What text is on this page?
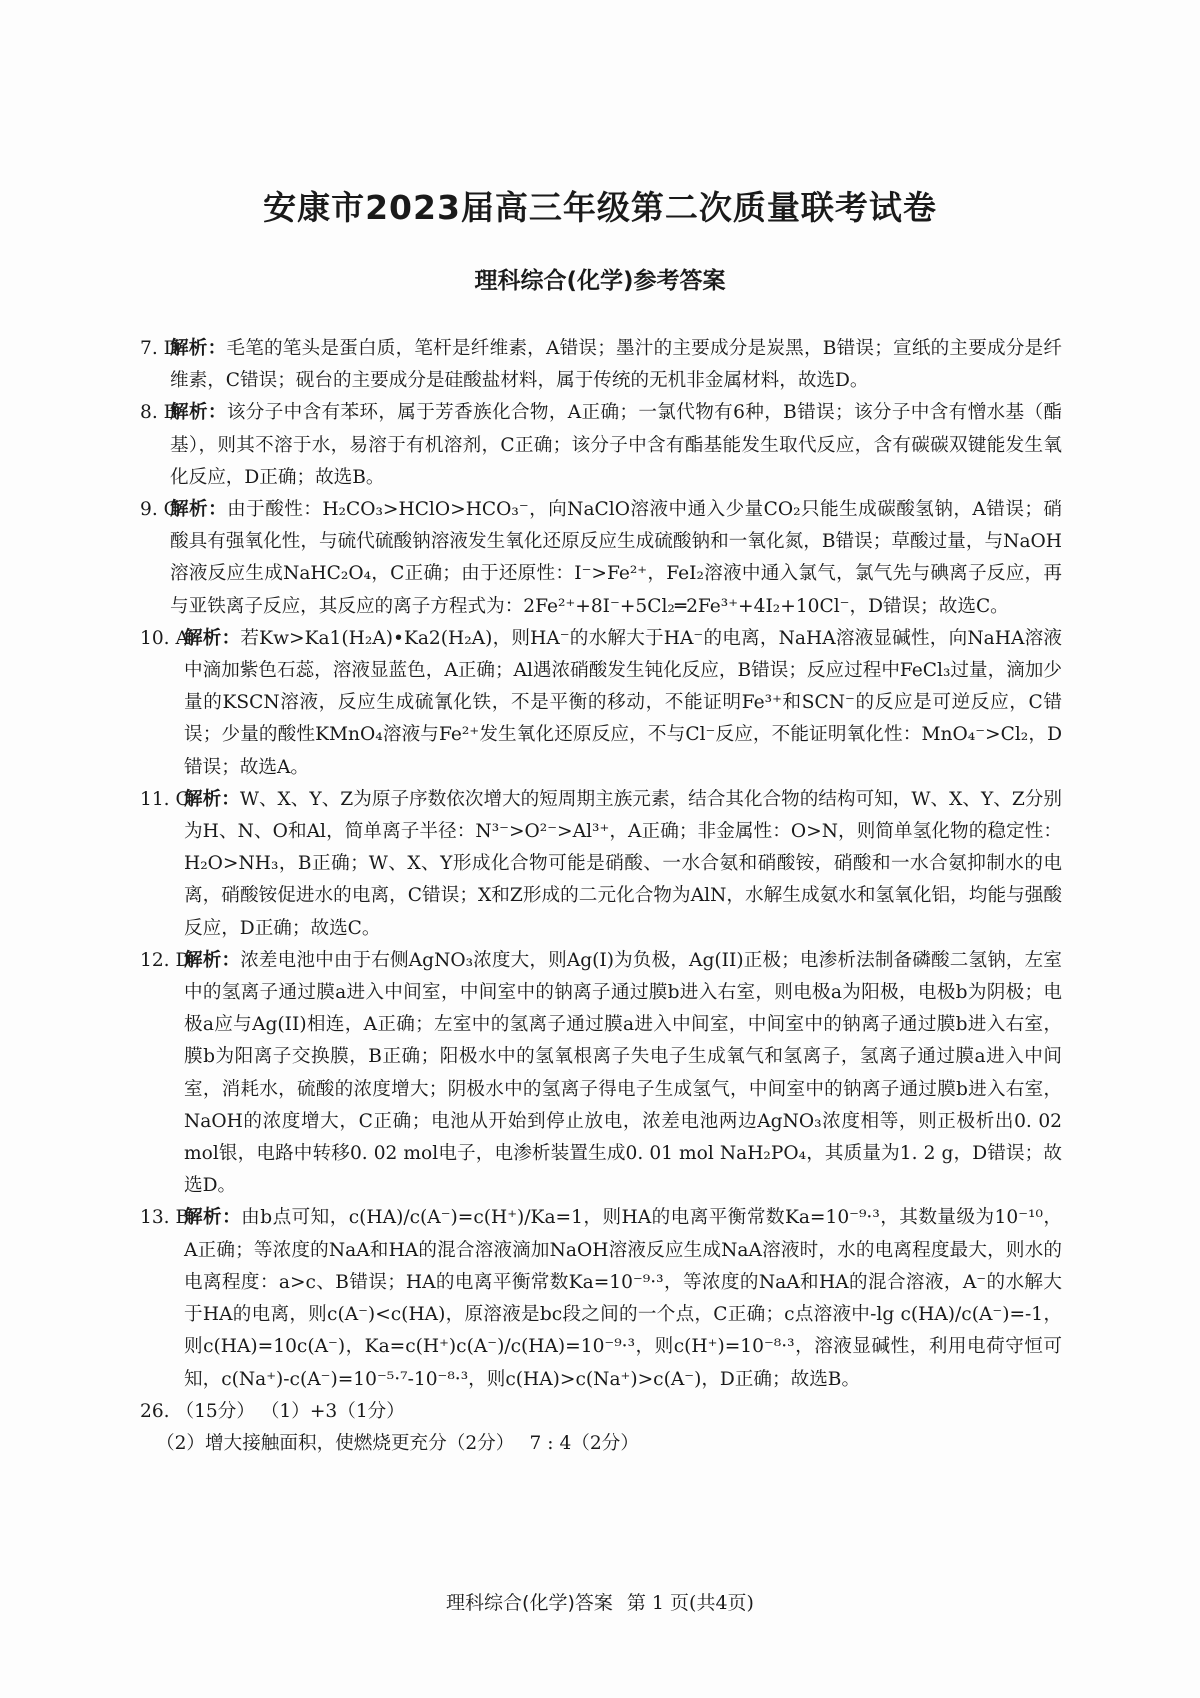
安康市2023届高三年级第二次质量联考试卷
理科综合(化学)参考答案
7. D
解析：毛笔的笔头是蛋白质，笔杆是纤维素，A错误；墨汁的主要成分是炭黑，B错误；宣纸的主要成分是纤维素，C错误；砚台的主要成分是硅酸盐材料，属于传统的无机非金属材料，故选D。
8. B
解析：该分子中含有苯环，属于芳香族化合物，A正确；一氯代物有6种，B错误；该分子中含有憎水基（酯基），则其不溶于水，易溶于有机溶剂，C正确；该分子中含有酯基能发生取代反应，含有碳碳双键能发生氧化反应，D正确；故选B。
9. C
解析：由于酸性：H₂CO₃>HClO>HCO₃⁻，向NaClO溶液中通入少量CO₂只能生成碳酸氢钠，A错误；硝酸具有强氧化性，与硫代硫酸钠溶液发生氧化还原反应生成硫酸钠和一氧化氮，B错误；草酸过量，与NaOH溶液反应生成NaHC₂O₄，C正确；由于还原性：I⁻>Fe²⁺，FeI₂溶液中通入氯气，氯气先与碘离子反应，再与亚铁离子反应，其反应的离子方程式为：2Fe²⁺+8I⁻+5Cl₂═2Fe³⁺+4I₂+10Cl⁻，D错误；故选C。
10. A
解析：若Kw>Ka1(H₂A)•Ka2(H₂A)，则HA⁻的水解大于HA⁻的电离，NaHA溶液显碱性，向NaHA溶液中滴加紫色石蕊，溶液显蓝色，A正确；Al遇浓硝酸发生钝化反应，B错误；反应过程中FeCl₃过量，滴加少量的KSCN溶液，反应生成硫氰化铁，不是平衡的移动，不能证明Fe³⁺和SCN⁻的反应是可逆反应，C错误；少量的酸性KMnO₄溶液与Fe²⁺发生氧化还原反应，不与Cl⁻反应，不能证明氧化性：MnO₄⁻>Cl₂，D错误；故选A。
11. C
解析：W、X、Y、Z为原子序数依次增大的短周期主族元素，结合其化合物的结构可知，W、X、Y、Z分别为H、N、O和Al，简单离子半径：N³⁻>O²⁻>Al³⁺，A正确；非金属性：O>N，则简单氢化物的稳定性：H₂O>NH₃，B正确；W、X、Y形成化合物可能是硝酸、一水合氨和硝酸铵，硝酸和一水合氨抑制水的电离，硝酸铵促进水的电离，C错误；X和Z形成的二元化合物为AlN，水解生成氨水和氢氧化铝，均能与强酸反应，D正确；故选C。
12. D
解析：浓差电池中由于右侧AgNO₃浓度大，则Ag(I)为负极，Ag(II)正极；电渗析法制备磷酸二氢钠，左室中的氢离子通过膜a进入中间室，中间室中的钠离子通过膜b进入右室，则电极a为阳极，电极b为阴极；电极a应与Ag(II)相连，A正确；左室中的氢离子通过膜a进入中间室，中间室中的钠离子通过膜b进入右室，膜b为阳离子交换膜，B正确；阳极水中的氢氧根离子失电子生成氧气和氢离子，氢离子通过膜a进入中间室，消耗水，硫酸的浓度增大；阴极水中的氢离子得电子生成氢气，中间室中的钠离子通过膜b进入右室，NaOH的浓度增大，C正确；电池从开始到停止放电，浓差电池两边AgNO₃浓度相等，则正极析出0. 02 mol银，电路中转移0. 02 mol电子，电渗析装置生成0. 01 mol NaH₂PO₄，其质量为1. 2 g，D错误；故选D。
13. B
解析：由b点可知，c(HA)/c(A⁻)=c(H⁺)/Ka=1，则HA的电离平衡常数Ka=10⁻⁹·³，其数量级为10⁻¹⁰，A正确；等浓度的NaA和HA的混合溶液滴加NaOH溶液反应生成NaA溶液时，水的电离程度最大，则水的电离程度：a>c、B错误；HA的电离平衡常数Ka=10⁻⁹·³，等浓度的NaA和HA的混合溶液，A⁻的水解大于HA的电离，则c(A⁻)<c(HA)，原溶液是bc段之间的一个点，C正确；c点溶液中-lg c(HA)/c(A⁻)=-1，则c(HA)=10c(A⁻)，Ka=c(H⁺)c(A⁻)/c(HA)=10⁻⁹·³，则c(H⁺)=10⁻⁸·³，溶液显碱性，利用电荷守恒可知，c(Na⁺)-c(A⁻)=10⁻⁵·⁷-10⁻⁸·³，则c(HA)>c(Na⁺)>c(A⁻)，D正确；故选B。
26. （15分） （1）+3（1分）
（2）增大接触面积，使燃烧更充分（2分）　 7 : 4（2分）
理科综合(化学)答案 第 1 页(共4页)
